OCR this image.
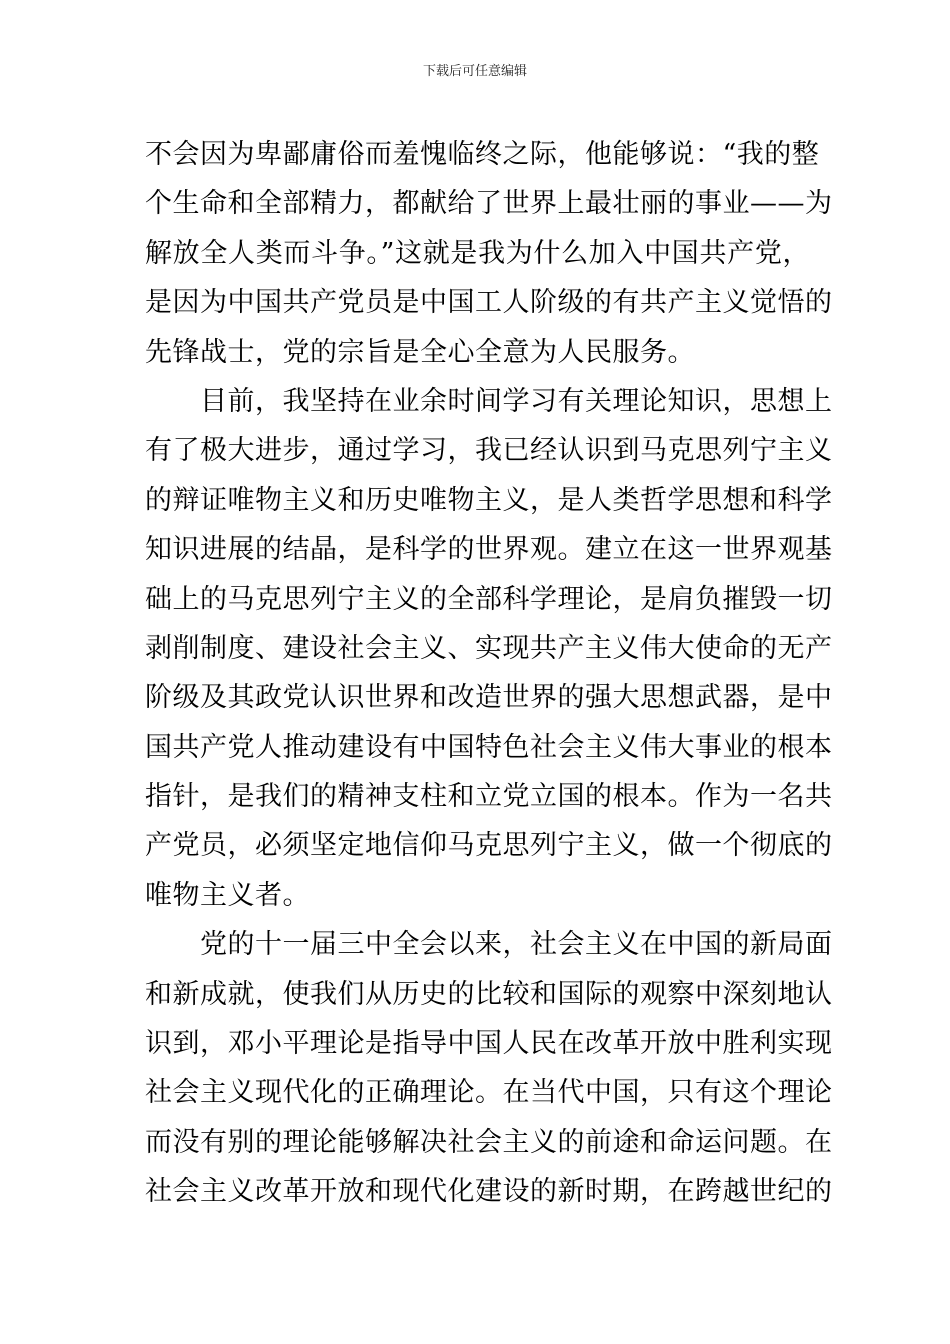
下载后可任意编辑
不会因为卑鄙庸俗而羞愧临终之际，他能够说：“我的整
个生命和全部精力，都献给了世界上最壮丽的事业——为
解放全人类而斗争。”这就是我为什么加入中国共产党，
是因为中国共产党员是中国工人阶级的有共产主义觉悟的
先锋战士，党的宗旨是全心全意为人民服务。
目前，我坚持在业余时间学习有关理论知识，思想上
有了极大进步，通过学习，我已经认识到马克思列宁主义
的辩证唯物主义和历史唯物主义，是人类哲学思想和科学
知识进展的结晶，是科学的世界观。建立在这一世界观基
础上的马克思列宁主义的全部科学理论，是肩负摧毁一切
剥削制度、建设社会主义、实现共产主义伟大使命的无产
阶级及其政党认识世界和改造世界的强大思想武器，是中
国共产党人推动建设有中国特色社会主义伟大事业的根本
指针，是我们的精神支柱和立党立国的根本。作为一名共
产党员，必须坚定地信仰马克思列宁主义，做一个彻底的
唯物主义者。
党的十一届三中全会以来，社会主义在中国的新局面
和新成就，使我们从历史的比较和国际的观察中深刻地认
识到，邓小平理论是指导中国人民在改革开放中胜利实现
社会主义现代化的正确理论。在当代中国，只有这个理论
而没有别的理论能够解决社会主义的前途和命运问题。在
社会主义改革开放和现代化建设的新时期，在跨越世纪的
